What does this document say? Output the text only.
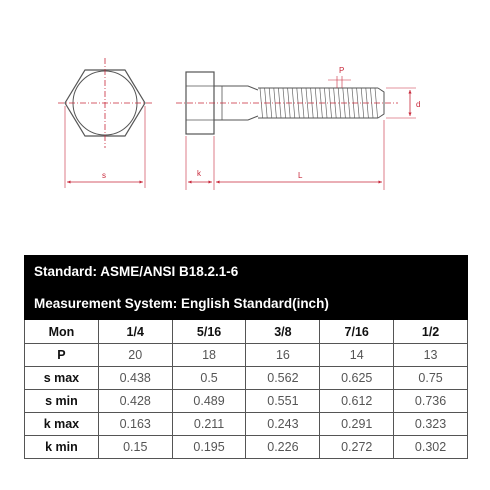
s	k	L
P
d
Standard: ASME/ANSI B18.2.1-6					
Measurement System: English Standard(inch)					
Mon	1/4	5/16	3/8	7/16	1/2
P	20	18	16	14	13
s max	0.438	0.5	0.562	0.625	0.75
s min	0.428	0.489	0.551	0.612	0.736
k max	0.163	0.211	0.243	0.291	0.323
k min	0.15	0.195	0.226	0.272	0.302
